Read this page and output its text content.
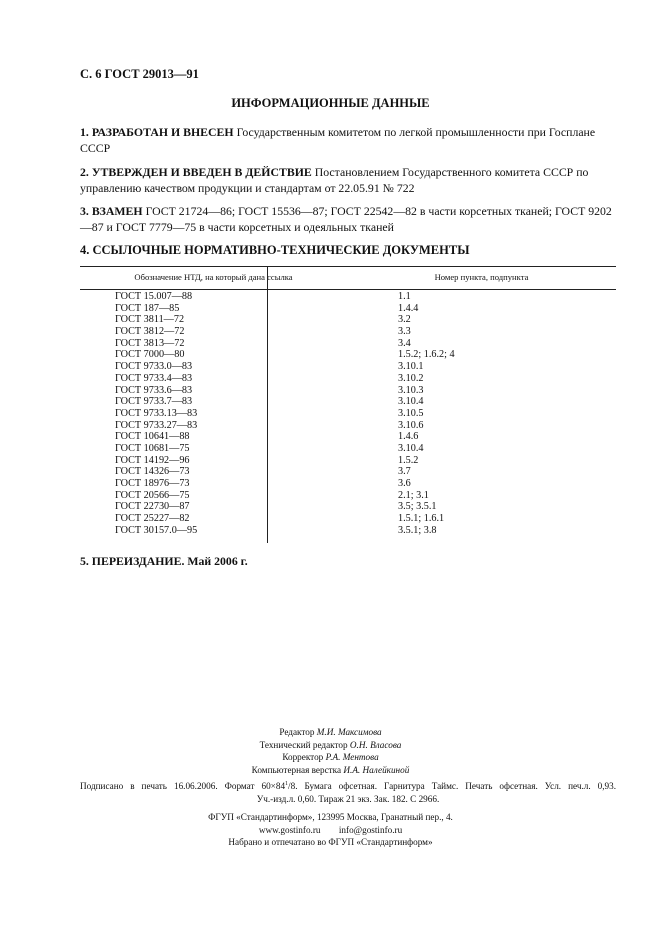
С. 6 ГОСТ 29013—91
ИНФОРМАЦИОННЫЕ ДАННЫЕ
1. РАЗРАБОТАН И ВНЕСЕН Государственным комитетом по легкой промышленности при Госплане СССР
2. УТВЕРЖДЕН И ВВЕДЕН В ДЕЙСТВИЕ Постановлением Государственного комитета СССР по управлению качеством продукции и стандартам от 22.05.91 № 722
3. ВЗАМЕН ГОСТ 21724—86; ГОСТ 15536—87; ГОСТ 22542—82 в части корсетных тканей; ГОСТ 9202—87 и ГОСТ 7779—75 в части корсетных и одеяльных тканей
4. ССЫЛОЧНЫЕ НОРМАТИВНО-ТЕХНИЧЕСКИЕ ДОКУМЕНТЫ
Обозначение НТД, на который дана ссылка	Номер пункта, подпункта
ГОСТ 15.007—88	1.1
ГОСТ 187—85	1.4.4
ГОСТ 3811—72	3.2
ГОСТ 3812—72	3.3
ГОСТ 3813—72	3.4
ГОСТ 7000—80	1.5.2; 1.6.2; 4
ГОСТ 9733.0—83	3.10.1
ГОСТ 9733.4—83	3.10.2
ГОСТ 9733.6—83	3.10.3
ГОСТ 9733.7—83	3.10.4
ГОСТ 9733.13—83	3.10.5
ГОСТ 9733.27—83	3.10.6
ГОСТ 10641—88	1.4.6
ГОСТ 10681—75	3.10.4
ГОСТ 14192—96	1.5.2
ГОСТ 14326—73	3.7
ГОСТ 18976—73	3.6
ГОСТ 20566—75	2.1; 3.1
ГОСТ 22730—87	3.5; 3.5.1
ГОСТ 25227—82	1.5.1; 1.6.1
ГОСТ 30157.0—95	3.5.1; 3.8
5. ПЕРЕИЗДАНИЕ. Май 2006 г.
Редактор М.И. Максимова
Технический редактор О.Н. Власова
Корректор Р.А. Ментова
Компьютерная верстка И.А. Налейкиной
Подписано в печать 16.06.2006. Формат $60\times 84^1/8$. Бумага офсетная. Гарнитура Таймс. Печать офсетная. Усл. печ.л. 0,93.
Уч.-изд.л. 0,60. Тираж 21 экз. Зак. 182. С 2966.
ФГУП «Стандартинформ», 123995 Москва, Гранатный пер., 4.
www.gostinfo.ru        info@gostinfo.ru
Набрано и отпечатано во ФГУП «Стандартинформ»
